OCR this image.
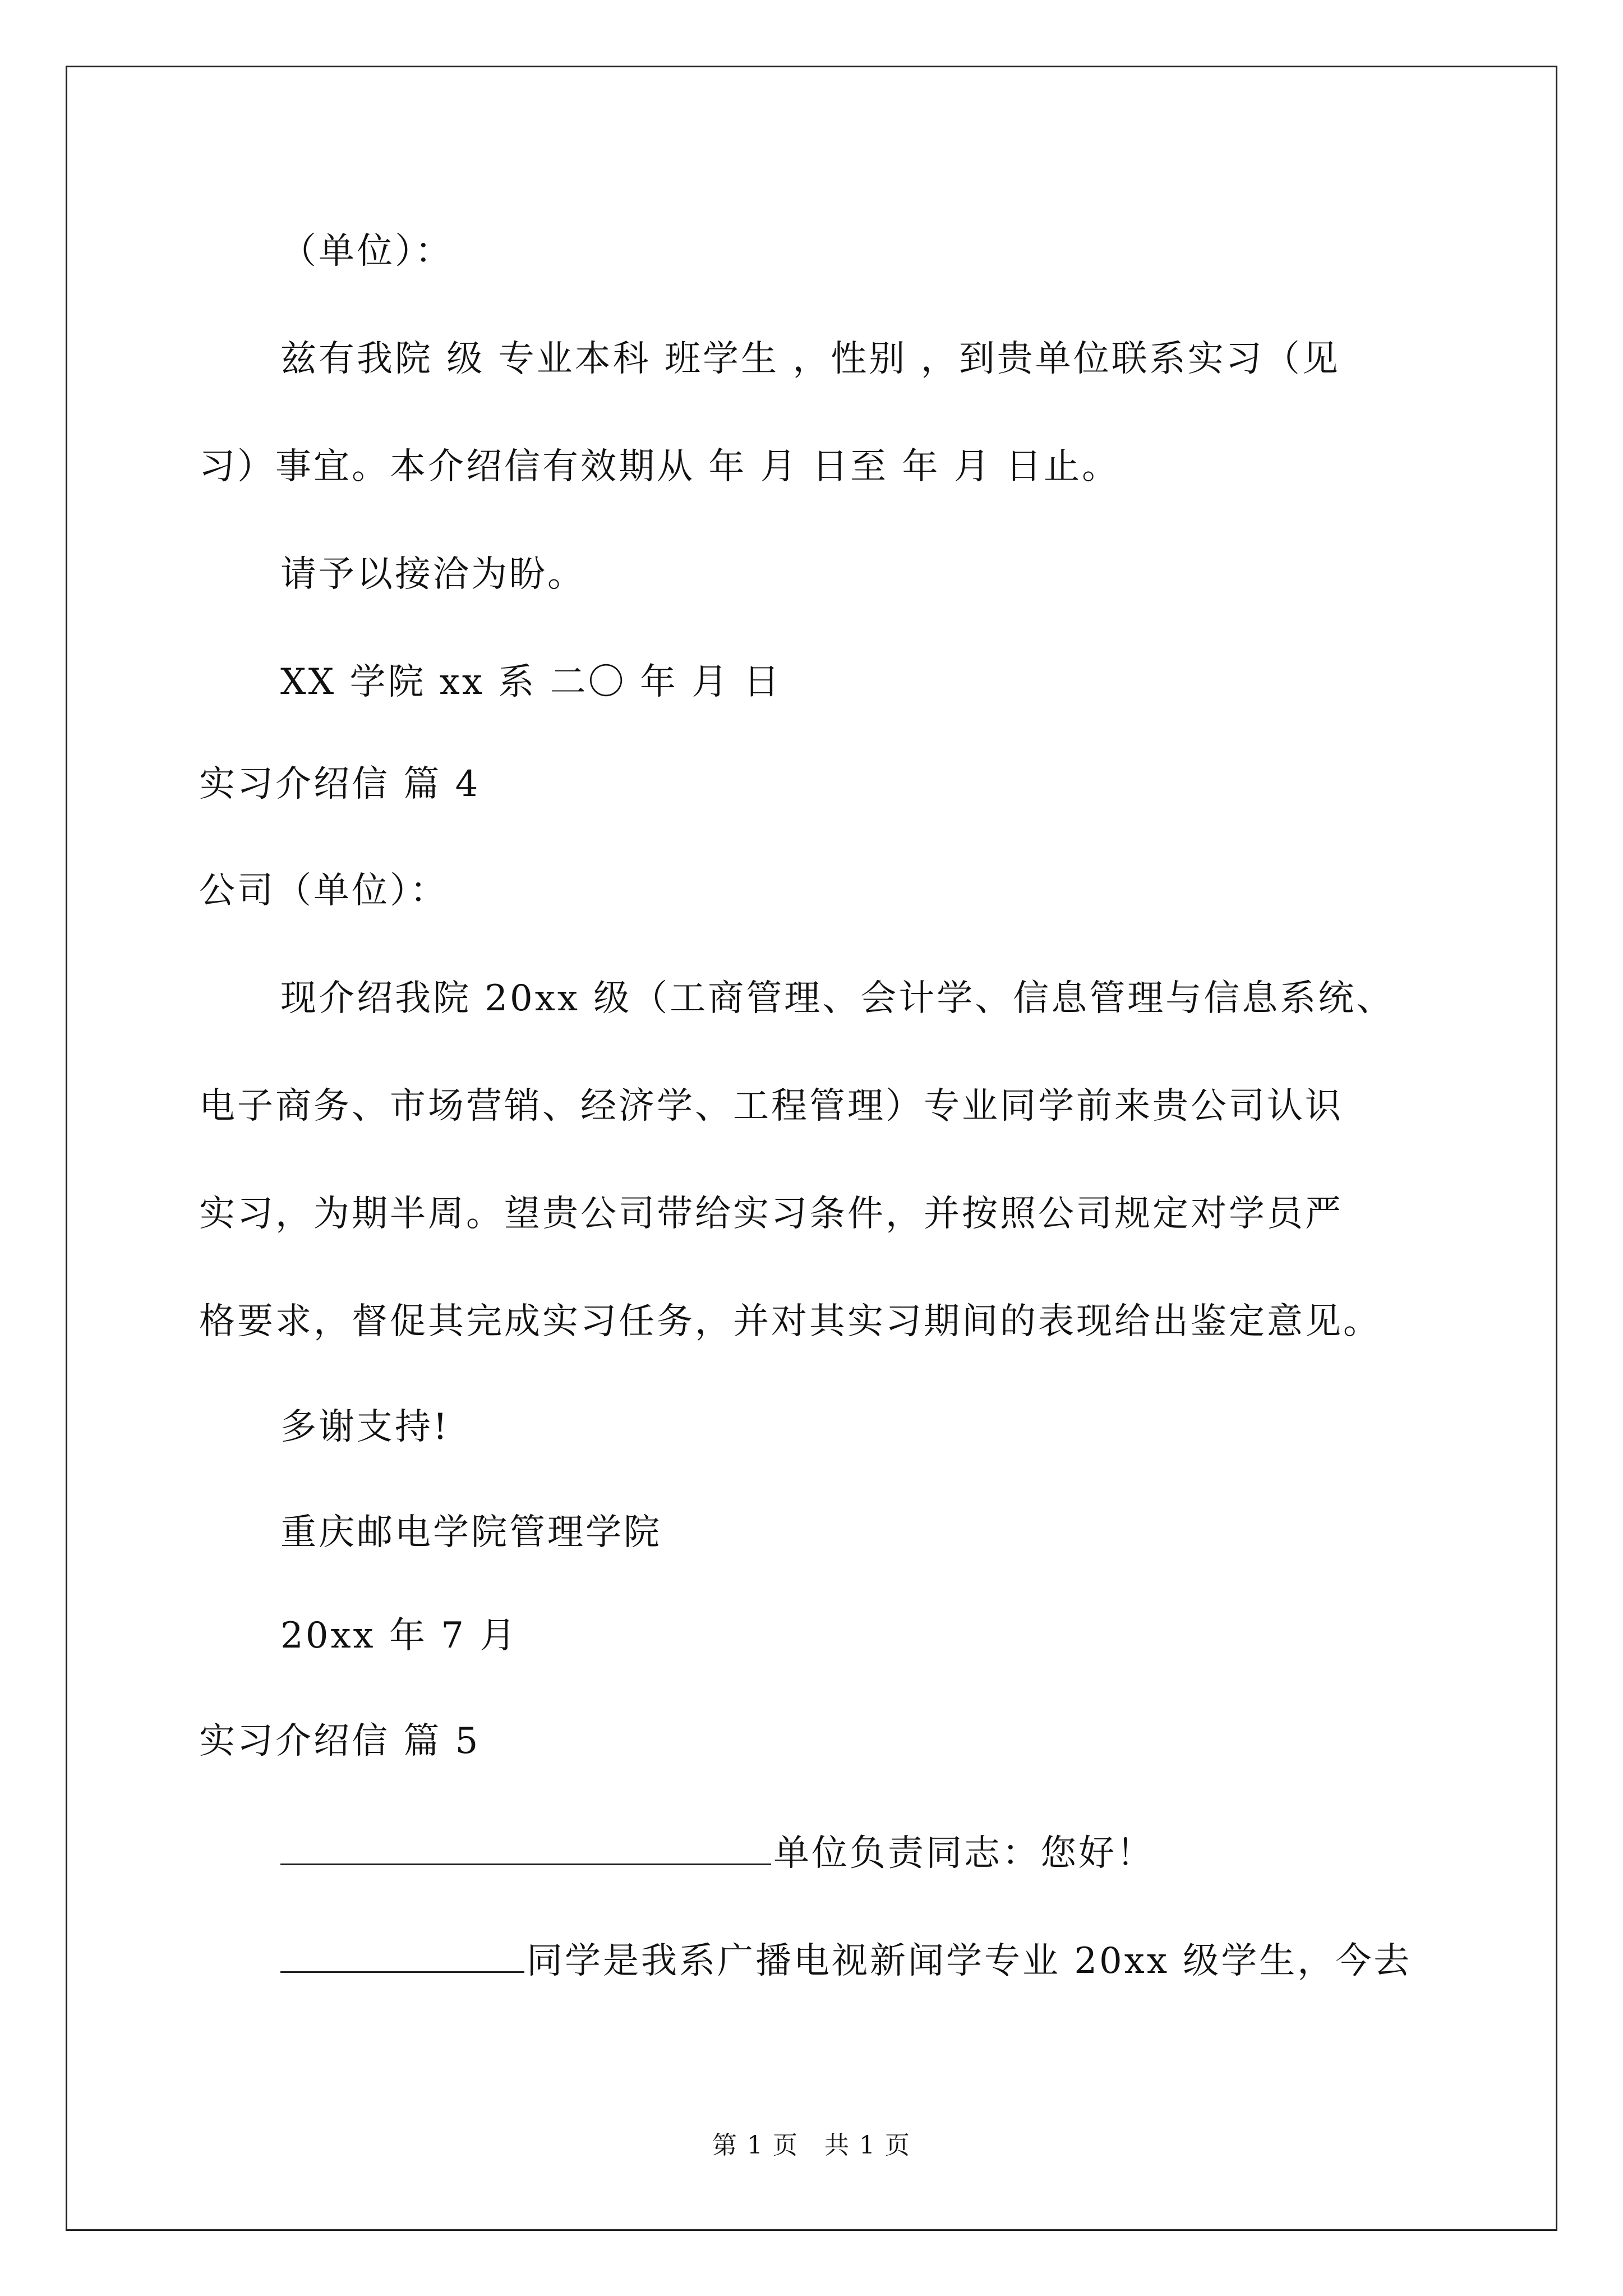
（单位）：
兹有我院 级 专业本科 班学生 ，性别 ，到贵单位联系实习（见
习）事宜。本介绍信有效期从 年 月 日至 年 月 日止。
请予以接洽为盼。
XX 学院 xx 系 二〇 年 月 日
实习介绍信 篇 4
公司（单位）：
现介绍我院 20xx 级（工商管理、会计学、信息管理与信息系统、
电子商务、市场营销、经济学、工程管理）专业同学前来贵公司认识
实习，为期半周。望贵公司带给实习条件，并按照公司规定对学员严
格要求，督促其完成实习任务，并对其实习期间的表现给出鉴定意见。
多谢支持!
重庆邮电学院管理学院
20xx 年 7 月
实习介绍信 篇 5
单位负责同志：您好！
同学是我系广播电视新闻学专业 20xx 级学生，今去
第 1 页　共 1 页
